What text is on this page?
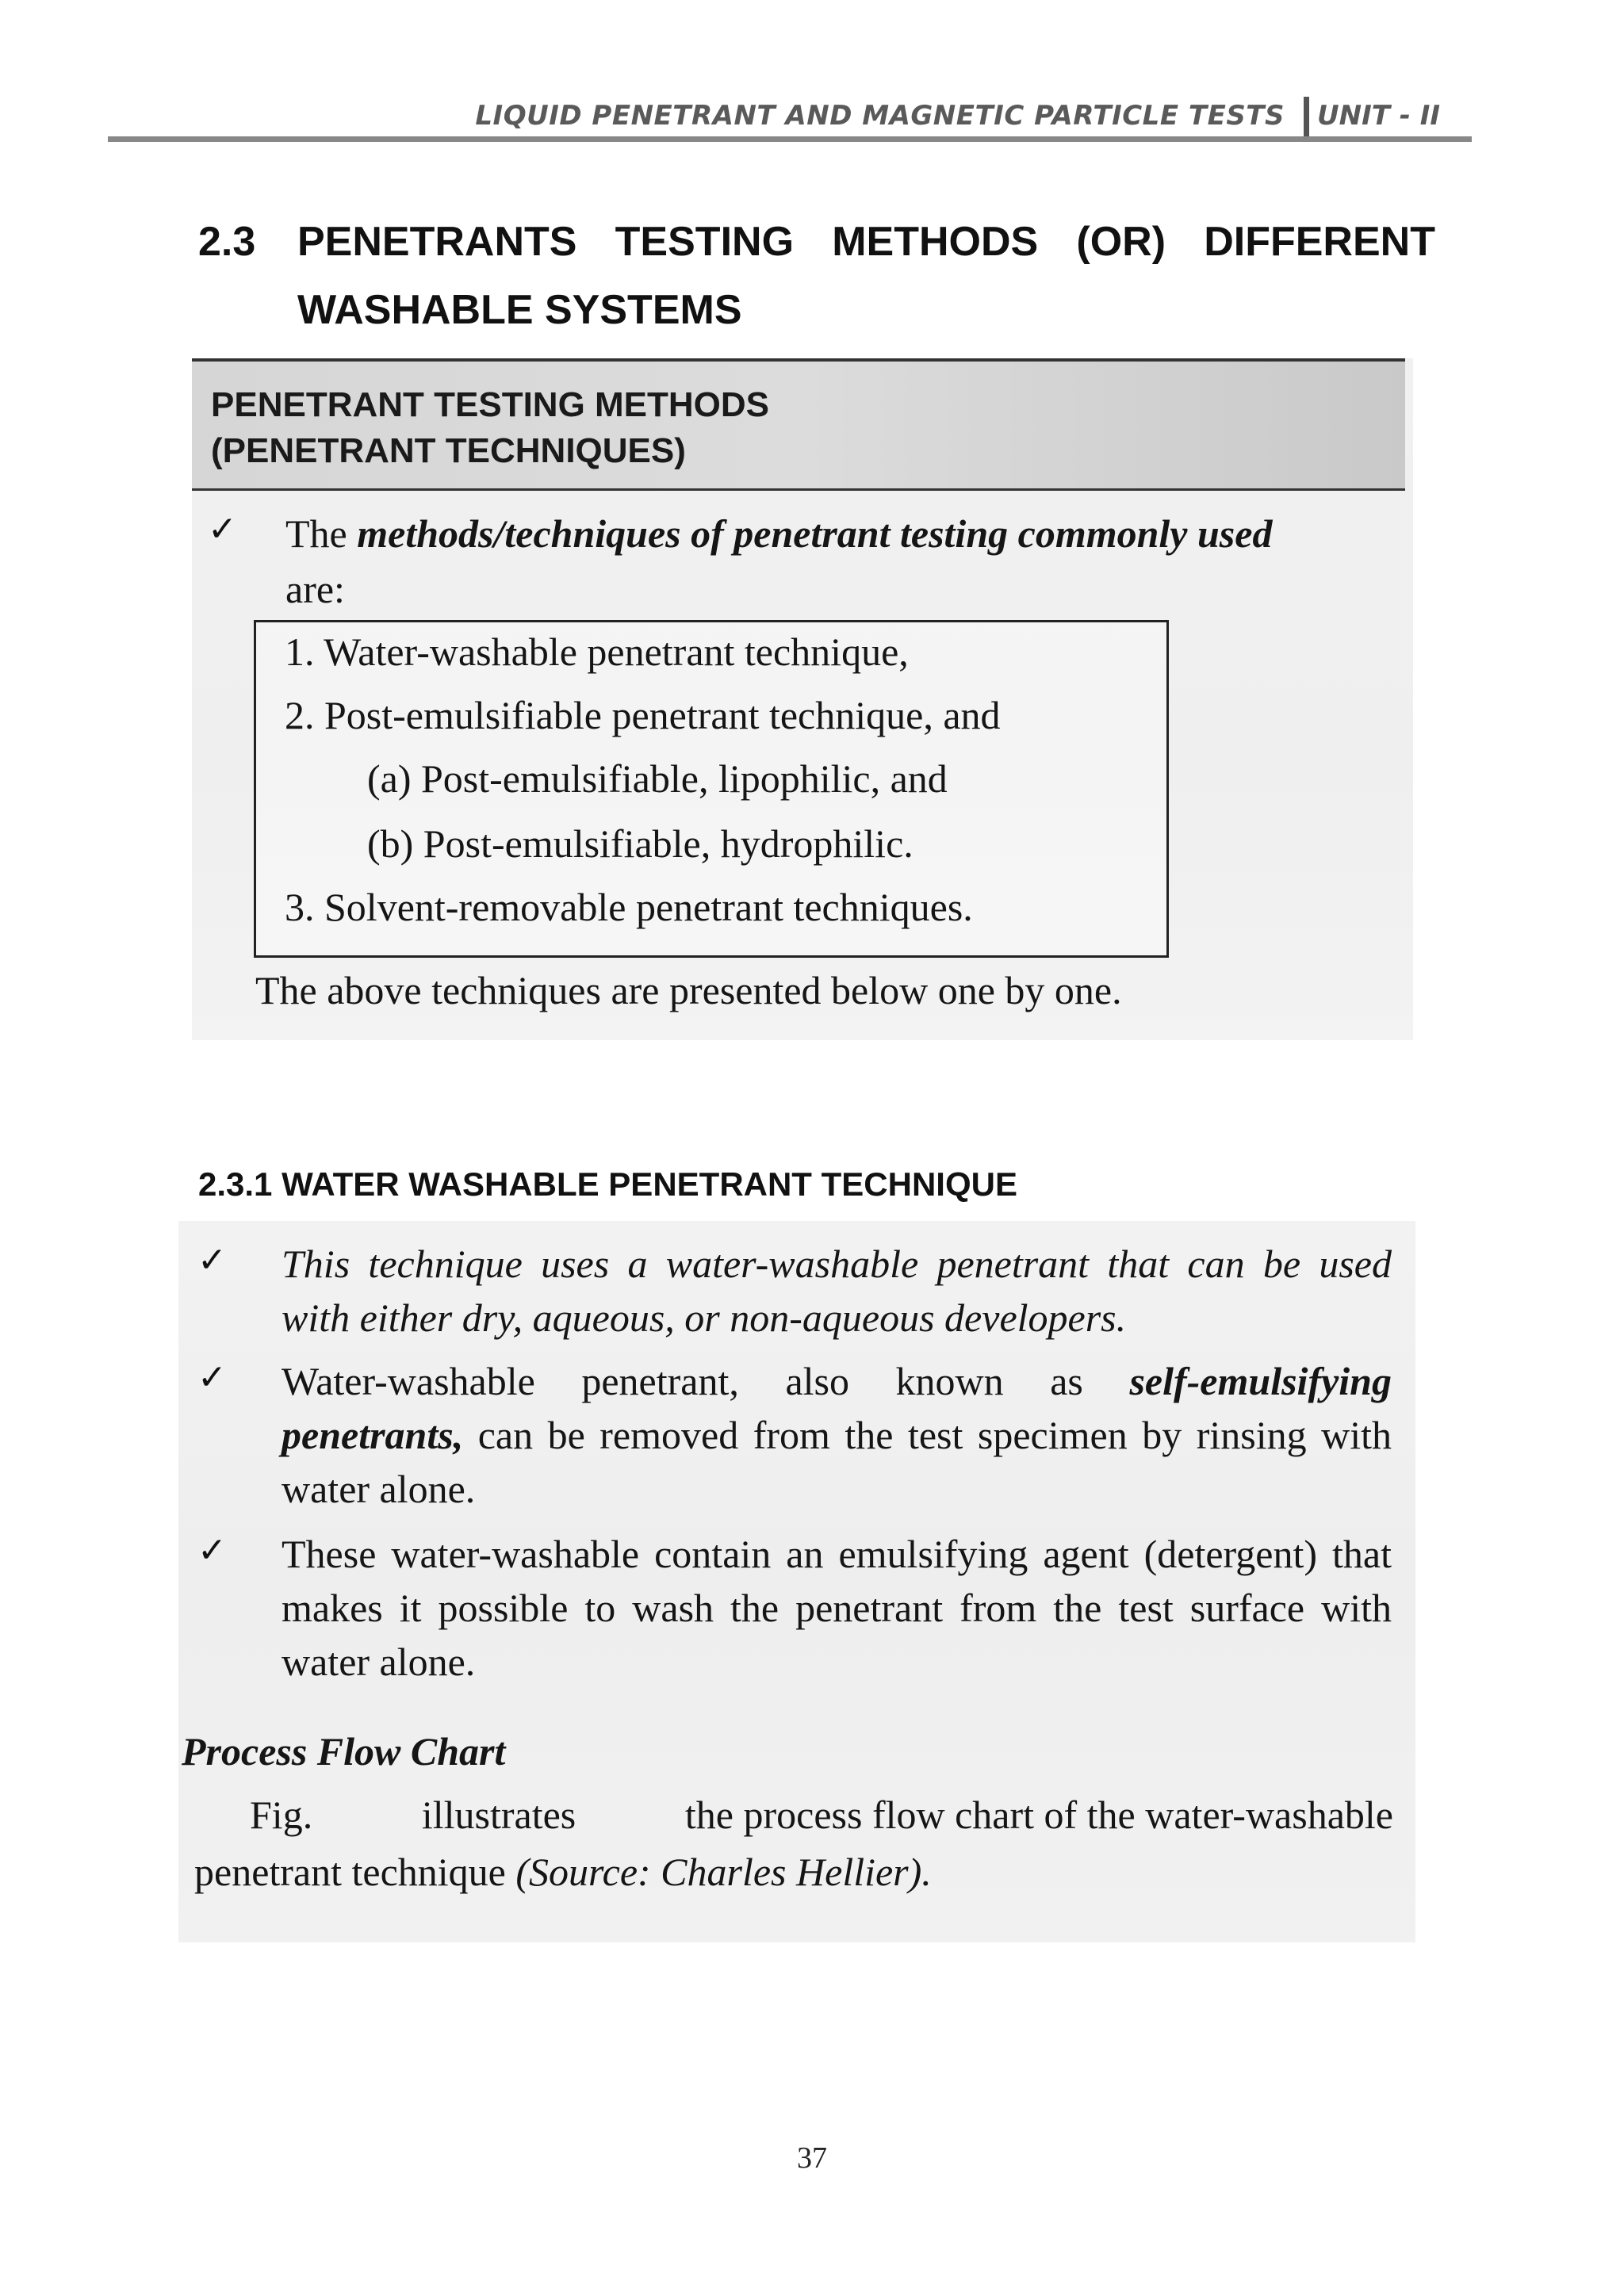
LIQUID PENETRANT AND MAGNETIC PARTICLE TESTS UNIT - II
2.3 PENETRANTS TESTING METHODS (OR) DIFFERENT
WASHABLE SYSTEMS
PENETRANT TESTING METHODS
(PENETRANT TECHNIQUES)
✓ The methods/techniques of penetrant testing commonly used
are:
1. Water-washable penetrant technique,
2. Post-emulsifiable penetrant technique, and
(a) Post-emulsifiable, lipophilic, and
(b) Post-emulsifiable, hydrophilic.
3. Solvent-removable penetrant techniques.
The above techniques are presented below one by one.
2.3.1 WATER WASHABLE PENETRANT TECHNIQUE
✓ This technique uses a water-washable penetrant that can be used with either dry, aqueous, or non-aqueous developers.
✓ Water-washable penetrant, also known as self-emulsifying penetrants, can be removed from the test specimen by rinsing with water alone.
✓ These water-washable contain an emulsifying agent (detergent) that makes it possible to wash the penetrant from the test surface with water alone.
Process Flow Chart
Fig.	illustrates	the process flow chart of the water-washable
penetrant technique (Source: Charles Hellier).
37
